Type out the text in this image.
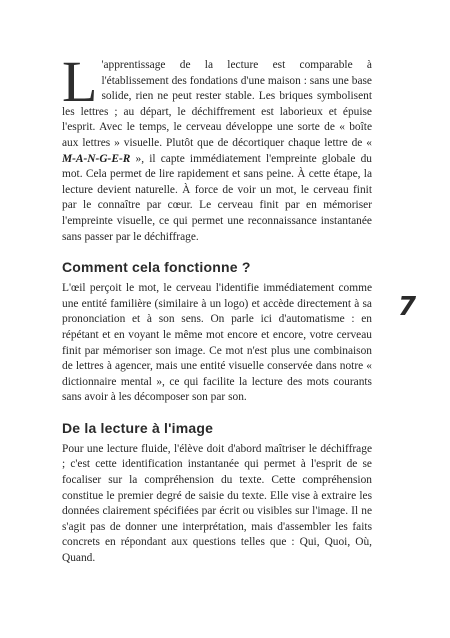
L 'apprentissage de la lecture est comparable à l'établissement des fondations d'une maison : sans une base solide, rien ne peut rester stable. Les briques symbolisent les lettres ; au départ, le déchiffrement est laborieux et épuise l'esprit. Avec le temps, le cerveau développe une sorte de « boîte aux lettres » visuelle. Plutôt que de décortiquer chaque lettre de « M-A-N-G-E-R », il capte immédiatement l'empreinte globale du mot. Cela permet de lire rapidement et sans peine. À cette étape, la lecture devient naturelle. À force de voir un mot, le cerveau finit par le connaître par cœur. Le cerveau finit par en mémoriser l'empreinte visuelle, ce qui permet une reconnaissance instantanée sans passer par le déchiffrage.

Comment cela fonctionne ?

L'œil perçoit le mot, le cerveau l'identifie immédiatement comme une entité familière (similaire à un logo) et accède directement à sa prononciation et à son sens. On parle ici d'automatisme : en répétant et en voyant le même mot encore et encore, votre cerveau finit par mémoriser son image. Ce mot n'est plus une combinaison de lettres à agencer, mais une entité visuelle conservée dans notre « dictionnaire mental », ce qui facilite la lecture des mots courants sans avoir à les décomposer son par son.

De la lecture à l'image

Pour une lecture fluide, l'élève doit d'abord maîtriser le déchiffrage ; c'est cette identification instantanée qui permet à l'esprit de se focaliser sur la compréhension du texte. Cette compréhension constitue le premier degré de saisie du texte. Elle vise à extraire les données clairement spécifiées par écrit ou visibles sur l'image. Il ne s'agit pas de donner une interprétation, mais d'assembler les faits concrets en répondant aux questions telles que : Qui, Quoi, Où, Quand.

7
